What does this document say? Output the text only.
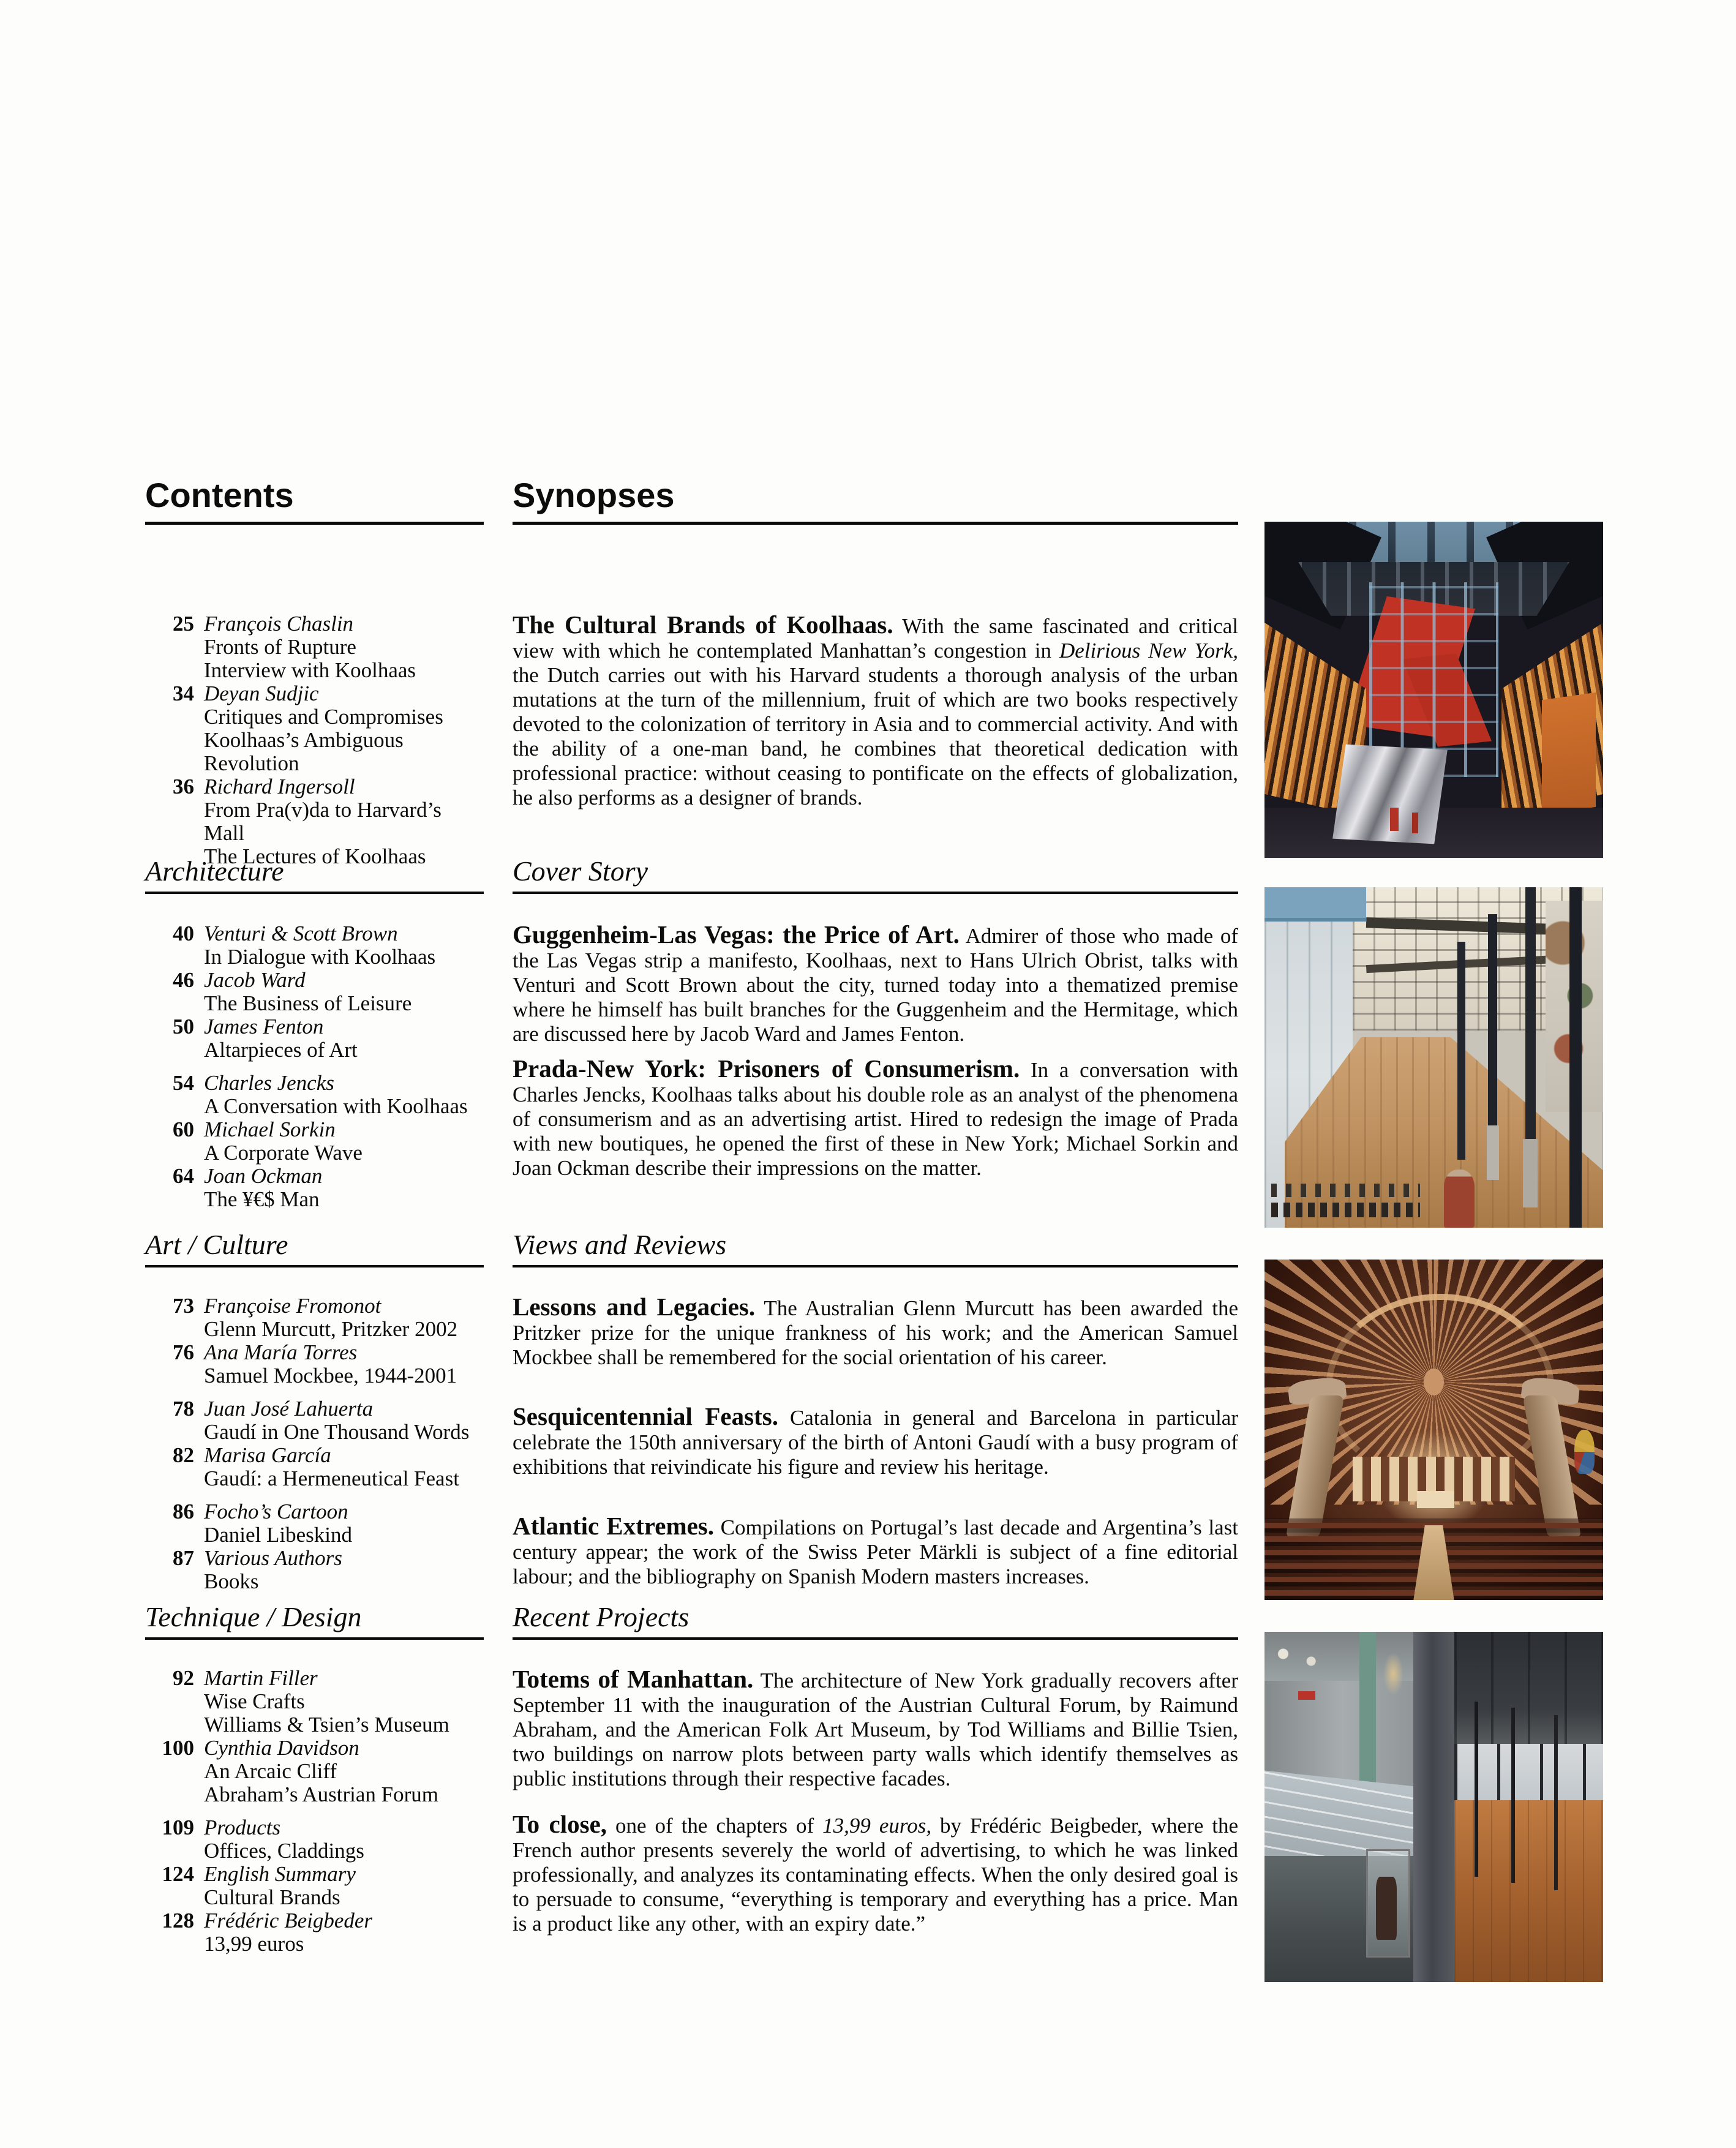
Contents	Synopses
25 François Chaslin
Fronts of Rupture
Interview with Koolhaas
34 Deyan Sudjic
Critiques and Compromises
Koolhaas’s Ambiguous Revolution
36 Richard Ingersoll
From Pra(v)da to Harvard’s Mall
The Lectures of Koolhaas
Architecture
40 Venturi & Scott Brown
In Dialogue with Koolhaas
46 Jacob Ward
The Business of Leisure
50 James Fenton
Altarpieces of Art
54 Charles Jencks
A Conversation with Koolhaas
60 Michael Sorkin
A Corporate Wave
64 Joan Ockman
The ¥€$ Man
Art / Culture
73 Françoise Fromonot
Glenn Murcutt, Pritzker 2002
76 Ana María Torres
Samuel Mockbee, 1944-2001
78 Juan José Lahuerta
Gaudí in One Thousand Words
82 Marisa García
Gaudí: a Hermeneutical Feast
86 Focho’s Cartoon
Daniel Libeskind
87 Various Authors
Books
Technique / Design
92 Martin Filler
Wise Crafts
Williams & Tsien’s Museum
100 Cynthia Davidson
An Arcaic Cliff
Abraham’s Austrian Forum
109 Products
Offices, Claddings
124 English Summary
Cultural Brands
128 Frédéric Beigbeder
13,99 euros

The Cultural Brands of Koolhaas. With the same fascinated and critical view with which he contemplated Manhattan’s congestion in Delirious New York, the Dutch carries out with his Harvard students a thorough analysis of the urban mutations at the turn of the millennium, fruit of which are two books respectively devoted to the colonization of territory in Asia and to commercial activity. And with the ability of a one-man band, he combines that theoretical dedication with professional practice: without ceasing to pontificate on the effects of globalization, he also performs as a designer of brands.

Cover Story

Guggenheim-Las Vegas: the Price of Art. Admirer of those who made of the Las Vegas strip a manifesto, Koolhaas, next to Hans Ulrich Obrist, talks with Venturi and Scott Brown about the city, turned today into a thematized premise where he himself has built branches for the Guggenheim and the Hermitage, which are discussed here by Jacob Ward and James Fenton.

Prada-New York: Prisoners of Consumerism. In a conversation with Charles Jencks, Koolhaas talks about his double role as an analyst of the phenomena of consumerism and as an advertising artist. Hired to redesign the image of Prada with new boutiques, he opened the first of these in New York; Michael Sorkin and Joan Ockman describe their impressions on the matter.

Views and Reviews

Lessons and Legacies. The Australian Glenn Murcutt has been awarded the Pritzker prize for the unique frankness of his work; and the American Samuel Mockbee shall be remembered for the social orientation of his career.

Sesquicentennial Feasts. Catalonia in general and Barcelona in particular celebrate the 150th anniversary of the birth of Antoni Gaudí with a busy program of exhibitions that reivindicate his figure and review his heritage.

Atlantic Extremes. Compilations on Portugal’s last decade and Argentina’s last century appear; the work of the Swiss Peter Märkli is subject of a fine editorial labour; and the bibliography on Spanish Modern masters increases.

Recent Projects

Totems of Manhattan. The architecture of New York gradually recovers after September 11 with the inauguration of the Austrian Cultural Forum, by Raimund Abraham, and the American Folk Art Museum, by Tod Williams and Billie Tsien, two buildings on narrow plots between party walls which identify themselves as public institutions through their respective facades.

To close, one of the chapters of 13,99 euros, by Frédéric Beigbeder, where the French author presents severely the world of advertising, to which he was linked professionally, and analyzes its contaminating effects. When the only desired goal is to persuade to consume, “everything is temporary and everything has a price. Man is a product like any other, with an expiry date.”
